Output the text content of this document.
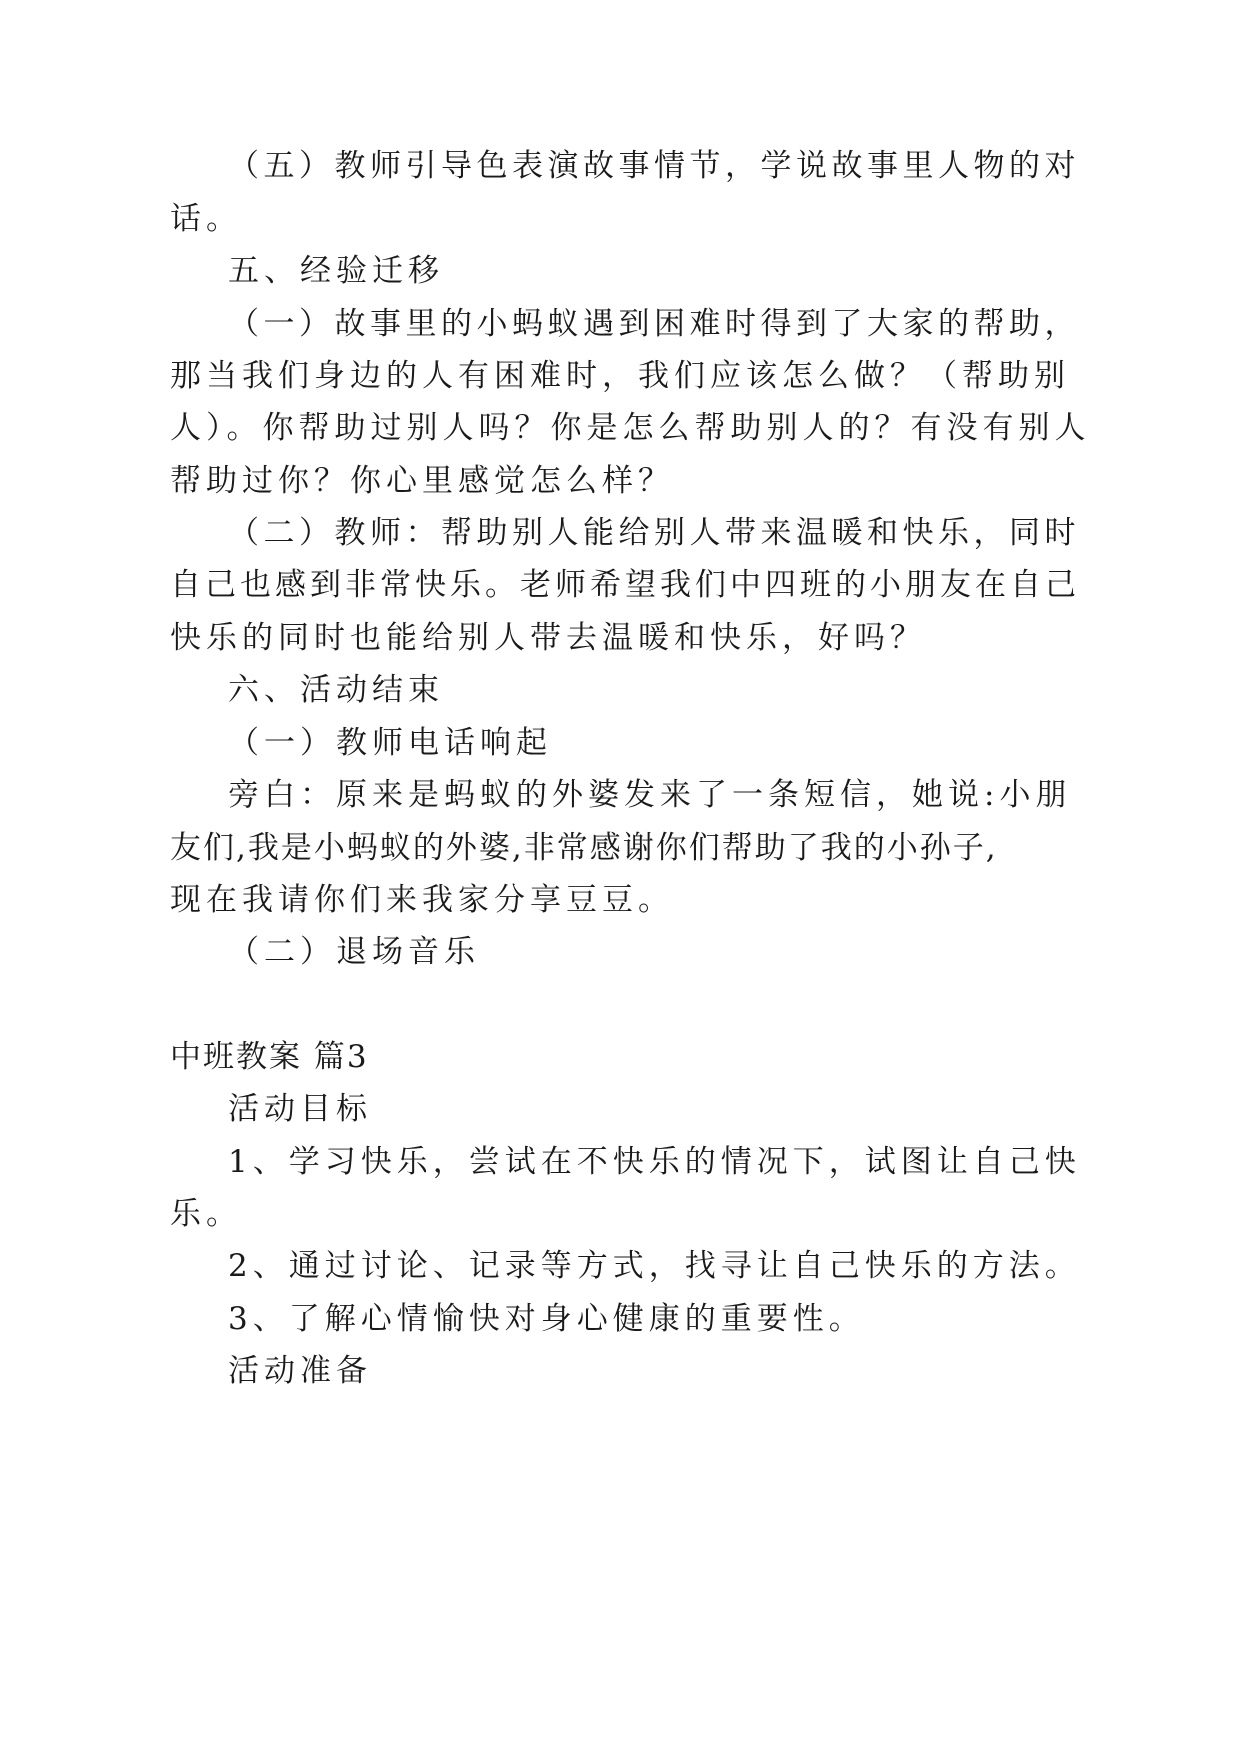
（五）教师引导色表演故事情节，学说故事里人物的对
话。
五、经验迁移
（一）故事里的小蚂蚁遇到困难时得到了大家的帮助，
那当我们身边的人有困难时，我们应该怎么做？（帮助别
人）。你帮助过别人吗？你是怎么帮助别人的？有没有别人
帮助过你？你心里感觉怎么样？
（二）教师：帮助别人能给别人带来温暖和快乐，同时
自己也感到非常快乐。老师希望我们中四班的小朋友在自己
快乐的同时也能给别人带去温暖和快乐，好吗？
六、活动结束
（一）教师电话响起
旁白：原来是蚂蚁的外婆发来了一条短信，她说:小朋
友们,我是小蚂蚁的外婆,非常感谢你们帮助了我的小孙子,
现在我请你们来我家分享豆豆。
（二）退场音乐
中班教案 篇3
活动目标
1、学习快乐，尝试在不快乐的情况下，试图让自己快
乐。
2、通过讨论、记录等方式，找寻让自己快乐的方法。
3、了解心情愉快对身心健康的重要性。
活动准备
